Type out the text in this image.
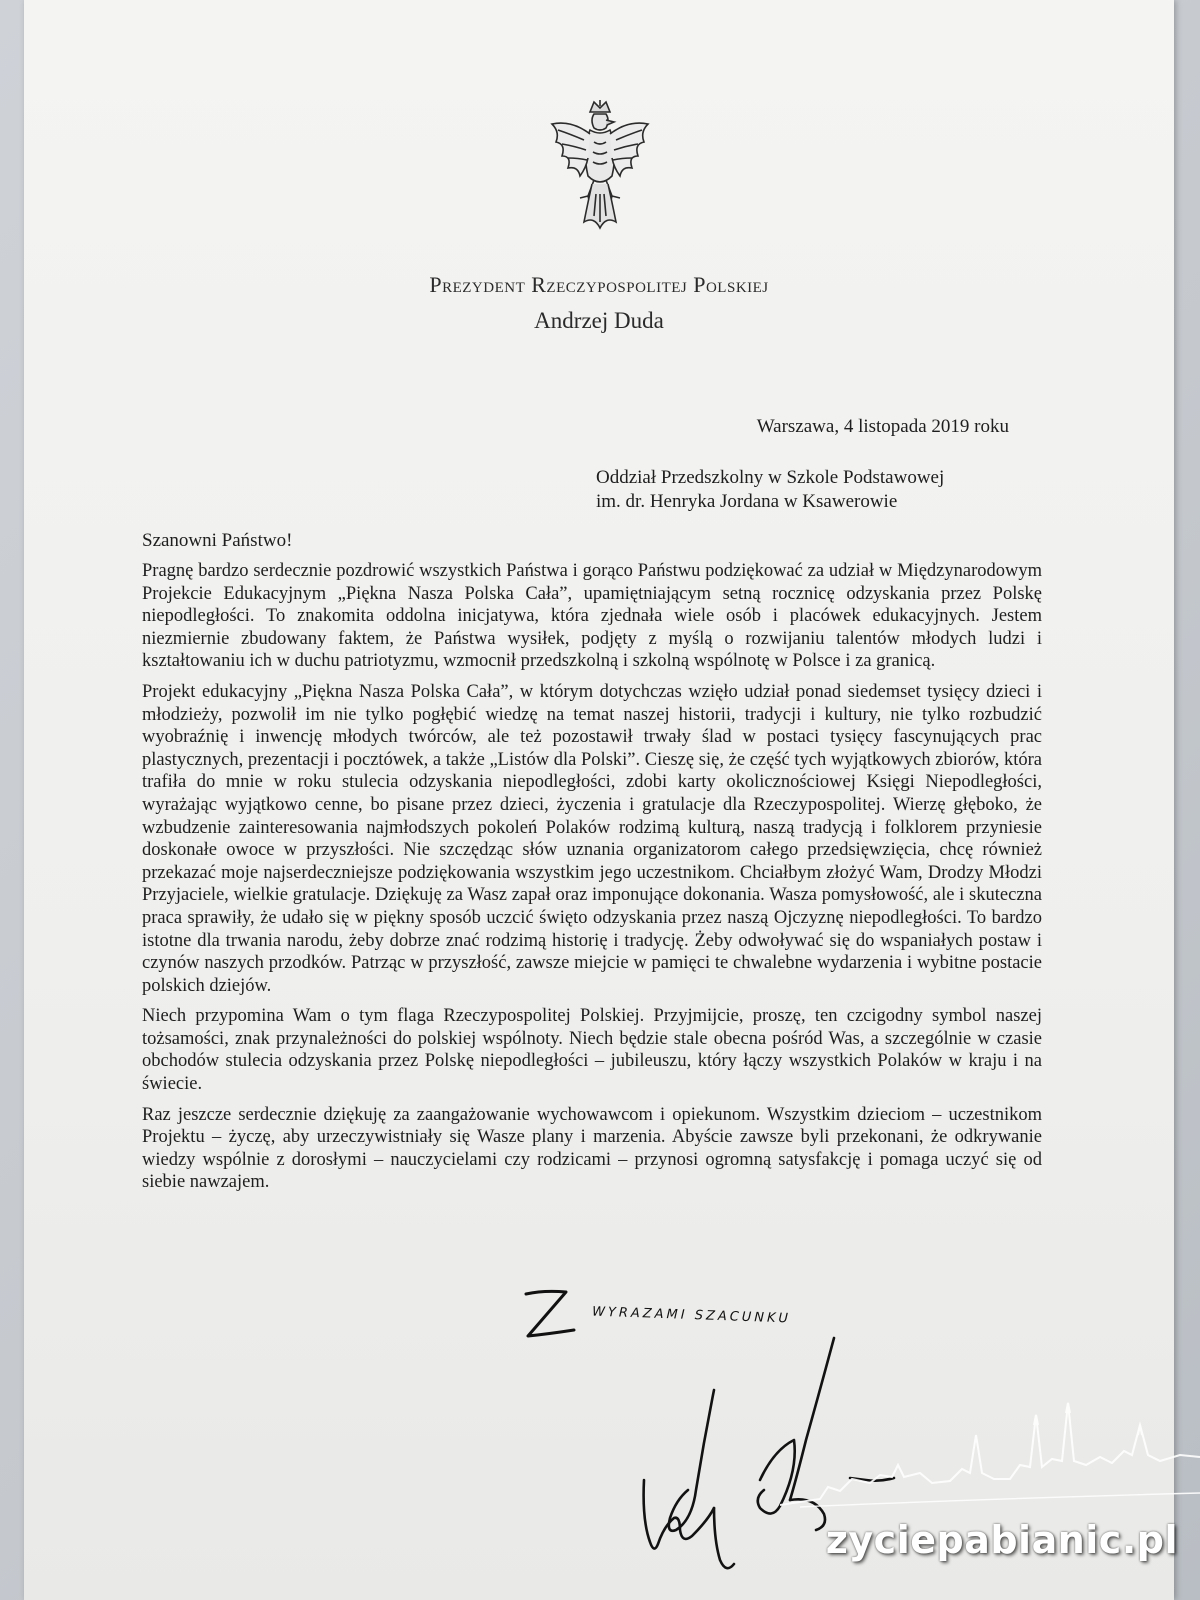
Prezydent Rzeczypospolitej Polskiej
Andrzej Duda
Warszawa, 4 listopada 2019 roku
Oddział Przedszkolny w Szkole Podstawowej
im. dr. Henryka Jordana w Ksawerowie
Szanowni Państwo!

Pragnę bardzo serdecznie pozdrowić wszystkich Państwa i gorąco Państwu podziękować za udział w Międzynarodowym Projekcie Edukacyjnym „Piękna Nasza Polska Cała”, upamiętniającym setną rocznicę odzyskania przez Polskę niepodległości. To znakomita oddolna inicjatywa, która zjednała wiele osób i placówek edukacyjnych. Jestem niezmiernie zbudowany faktem, że Państwa wysiłek, podjęty z myślą o rozwijaniu talentów młodych ludzi i kształtowaniu ich w duchu patriotyzmu, wzmocnił przedszkolną i szkolną wspólnotę w Polsce i za granicą.

Projekt edukacyjny „Piękna Nasza Polska Cała”, w którym dotychczas wzięło udział ponad siedemset tysięcy dzieci i młodzieży, pozwolił im nie tylko pogłębić wiedzę na temat naszej historii, tradycji i kultury, nie tylko rozbudzić wyobraźnię i inwencję młodych twórców, ale też pozostawił trwały ślad w postaci tysięcy fascynujących prac plastycznych, prezentacji i pocztówek, a także „Listów dla Polski”. Cieszę się, że część tych wyjątkowych zbiorów, która trafiła do mnie w roku stulecia odzyskania niepodległości, zdobi karty okolicznościowej Księgi Niepodległości, wyrażając wyjątkowo cenne, bo pisane przez dzieci, życzenia i gratulacje dla Rzeczypospolitej. Wierzę głęboko, że wzbudzenie zainteresowania najmłodszych pokoleń Polaków rodzimą kulturą, naszą tradycją i folklorem przyniesie doskonałe owoce w przyszłości. Nie szczędząc słów uznania organizatorom całego przedsięwzięcia, chcę również przekazać moje najserdeczniejsze podziękowania wszystkim jego uczestnikom. Chciałbym złożyć Wam, Drodzy Młodzi Przyjaciele, wielkie gratulacje. Dziękuję za Wasz zapał oraz imponujące dokonania. Wasza pomysłowość, ale i skuteczna praca sprawiły, że udało się w piękny sposób uczcić święto odzyskania przez naszą Ojczyznę niepodległości. To bardzo istotne dla trwania narodu, żeby dobrze znać rodzimą historię i tradycję. Żeby odwoływać się do wspaniałych postaw i czynów naszych przodków. Patrząc w przyszłość, zawsze miejcie w pamięci te chwalebne wydarzenia i wybitne postacie polskich dziejów.

Niech przypomina Wam o tym flaga Rzeczypospolitej Polskiej. Przyjmijcie, proszę, ten czcigodny symbol naszej tożsamości, znak przynależności do polskiej wspólnoty. Niech będzie stale obecna pośród Was, a szczególnie w czasie obchodów stulecia odzyskania przez Polskę niepodległości – jubileuszu, który łączy wszystkich Polaków w kraju i na świecie.

Raz jeszcze serdecznie dziękuję za zaangażowanie wychowawcom i opiekunom. Wszystkim dzieciom – uczestnikom Projektu – życzę, aby urzeczywistniały się Wasze plany i marzenia. Abyście zawsze byli przekonani, że odkrywanie wiedzy wspólnie z dorosłymi – nauczycielami czy rodzicami – przynosi ogromną satysfakcję i pomaga uczyć się od siebie nawzajem.

WYRAZAMI SZACUNKU
zyciepabianic.pl
